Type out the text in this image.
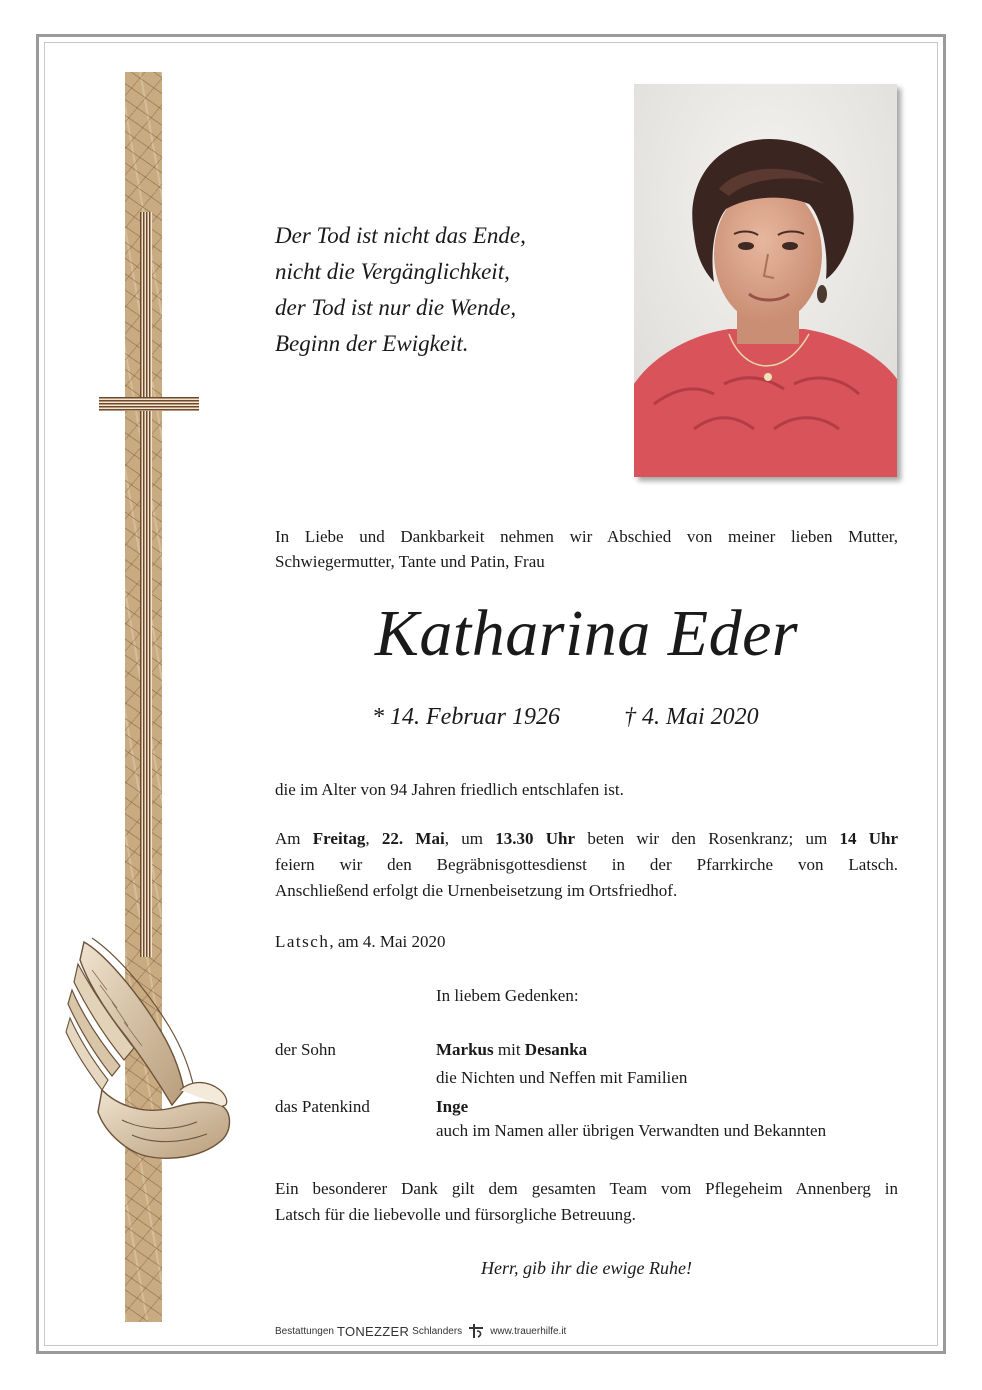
Der Tod ist nicht das Ende,
nicht die Vergänglichkeit,
der Tod ist nur die Wende,
Beginn der Ewigkeit.
In Liebe und Dankbarkeit nehmen wir Abschied von meiner lieben Mutter,
Schwiegermutter, Tante und Patin, Frau
Katharina Eder
* 14. Februar 1926	† 4. Mai 2020
die im Alter von 94 Jahren friedlich entschlafen ist.
Am Freitag, 22. Mai, um 13.30 Uhr beten wir den Rosenkranz; um 14 Uhr
feiern wir den Begräbnisgottesdienst in der Pfarrkirche von Latsch.
Anschließend erfolgt die Urnenbeisetzung im Ortsfriedhof.
Latsch, am 4. Mai 2020
In liebem Gedenken:
der Sohn	Markus mit Desanka
die Nichten und Neffen mit Familien
das Patenkind	Inge
auch im Namen aller übrigen Verwandten und Bekannten
Ein besonderer Dank gilt dem gesamten Team vom Pflegeheim Annenberg in
Latsch für die liebevolle und fürsorgliche Betreuung.
Herr, gib ihr die ewige Ruhe!
Bestattungen TONEZZER Schlanders	www.trauerhilfe.it
